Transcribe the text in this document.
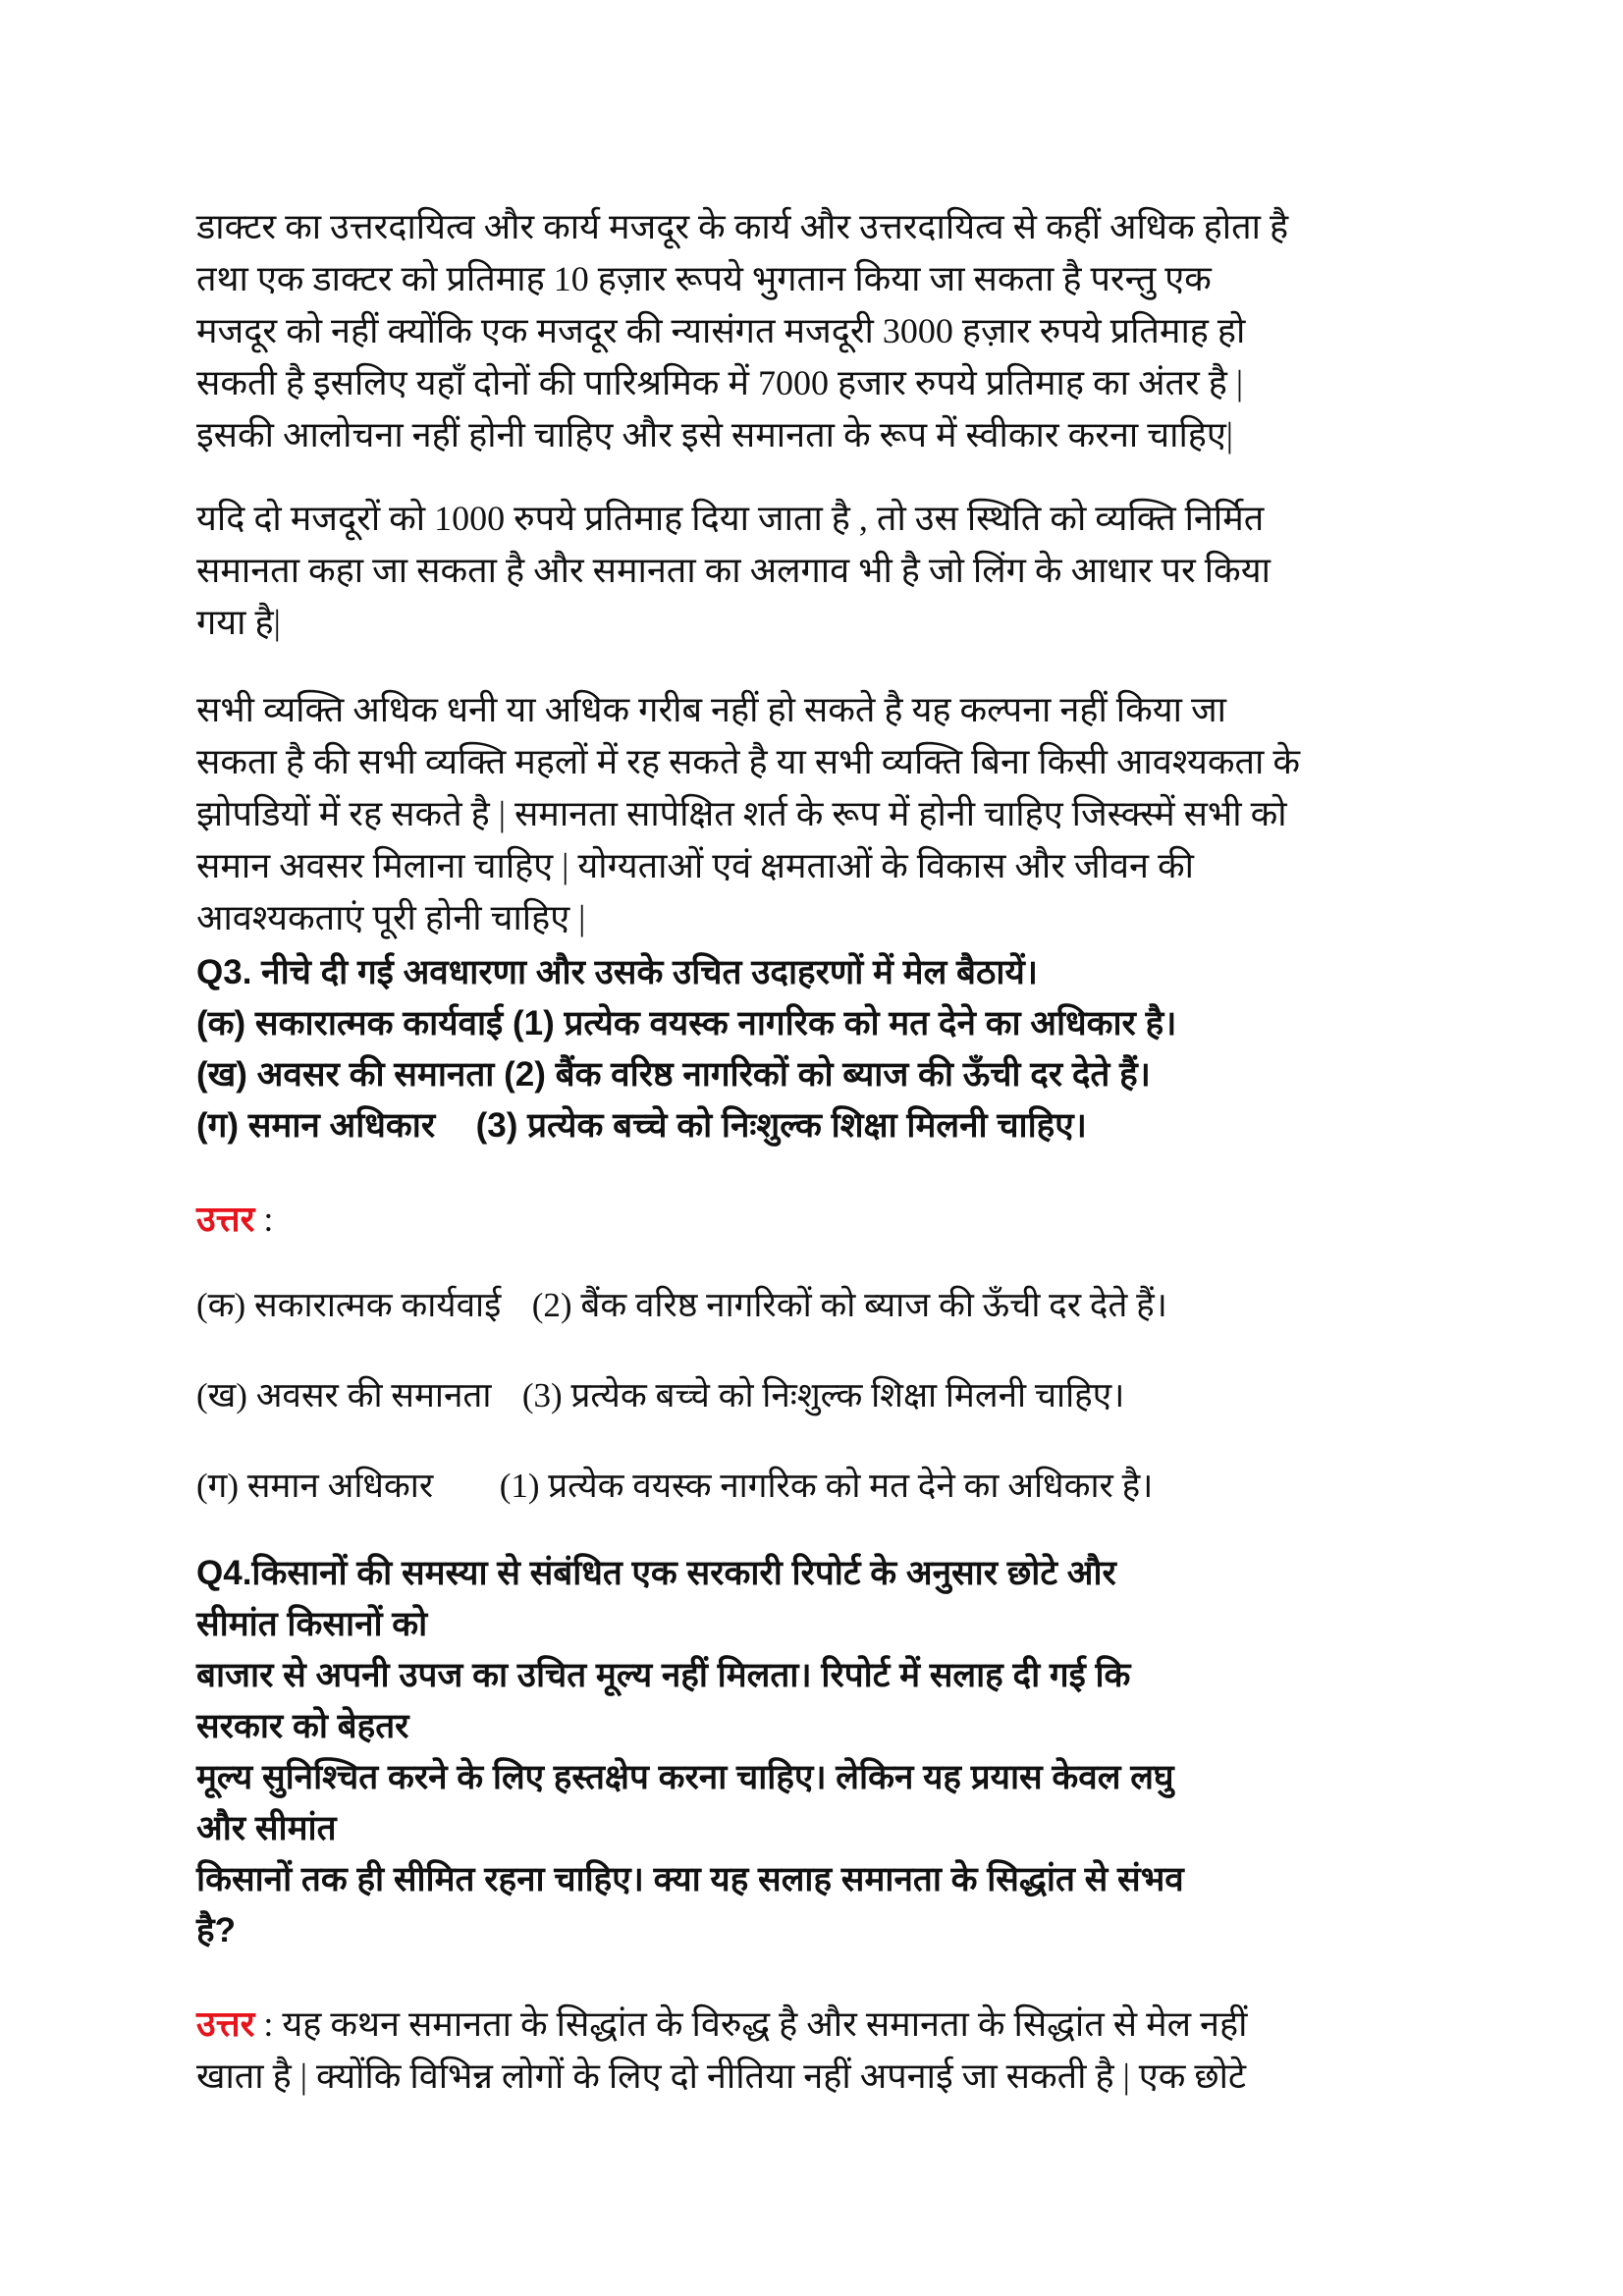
डाक्टर का उत्तरदायित्व और कार्य मजदूर के कार्य और उत्तरदायित्व से कहीं अधिक होता है
तथा एक डाक्टर को प्रतिमाह 10 हज़ार रूपये भुगतान किया जा सकता है परन्तु एक
मजदूर को नहीं क्योंकि एक मजदूर की न्यासंगत मजदूरी 3000 हज़ार रुपये प्रतिमाह हो
सकती है इसलिए यहाँ दोनों की पारिश्रमिक में 7000 हजार रुपये प्रतिमाह का अंतर है |
इसकी आलोचना नहीं होनी चाहिए और इसे समानता के रूप में स्वीकार करना चाहिए|
यदि दो मजदूरों को 1000 रुपये प्रतिमाह दिया जाता है , तो उस स्थिति को व्यक्ति निर्मित
समानता कहा जा सकता है और समानता का अलगाव भी है जो लिंग के आधार पर किया
गया है|
सभी व्यक्ति अधिक धनी या अधिक गरीब नहीं हो सकते है यह कल्पना नहीं किया जा
सकता है की सभी व्यक्ति महलों में रह सकते है या सभी व्यक्ति बिना किसी आवश्यकता के
झोपडियों में रह सकते है | समानता सापेक्षित शर्त के रूप में होनी चाहिए जिस्क्स्में सभी को
समान अवसर मिलाना चाहिए | योग्यताओं एवं क्षमताओं के विकास और जीवन की
आवश्यकताएं पूरी होनी चाहिए |
Q3. नीचे दी गई अवधारणा और उसके उचित उदाहरणों में मेल बैठायें।
(क) सकारात्मक कार्यवाई (1) प्रत्येक वयस्क नागरिक को मत देने का अधिकार है।
(ख) अवसर की समानता (2) बैंक वरिष्ठ नागरिकों को ब्याज की ऊँची दर देते हैं।
(ग) समान अधिकार (3) प्रत्येक बच्चे को निःशुल्क शिक्षा मिलनी चाहिए।
उत्तर :
(क) सकारात्मक कार्यवाई (2) बैंक वरिष्ठ नागरिकों को ब्याज की ऊँची दर देते हैं।
(ख) अवसर की समानता (3) प्रत्येक बच्चे को निःशुल्क शिक्षा मिलनी चाहिए।
(ग) समान अधिकार (1) प्रत्येक वयस्क नागरिक को मत देने का अधिकार है।
Q4.किसानों की समस्या से संबंधित एक सरकारी रिपोर्ट के अनुसार छोटे और
सीमांत किसानों को
बाजार से अपनी उपज का उचित मूल्य नहीं मिलता। रिपोर्ट में सलाह दी गई कि
सरकार को बेहतर
मूल्य सुनिश्चित करने के लिए हस्तक्षेप करना चाहिए। लेकिन यह प्रयास केवल लघु
और सीमांत
किसानों तक ही सीमित रहना चाहिए। क्या यह सलाह समानता के सिद्धांत से संभव
है?
उत्तर : यह कथन समानता के सिद्धांत के विरुद्ध है और समानता के सिद्धांत से मेल नहीं
खाता है | क्योंकि विभिन्न लोगों के लिए दो नीतिया नहीं अपनाई जा सकती है | एक छोटे
